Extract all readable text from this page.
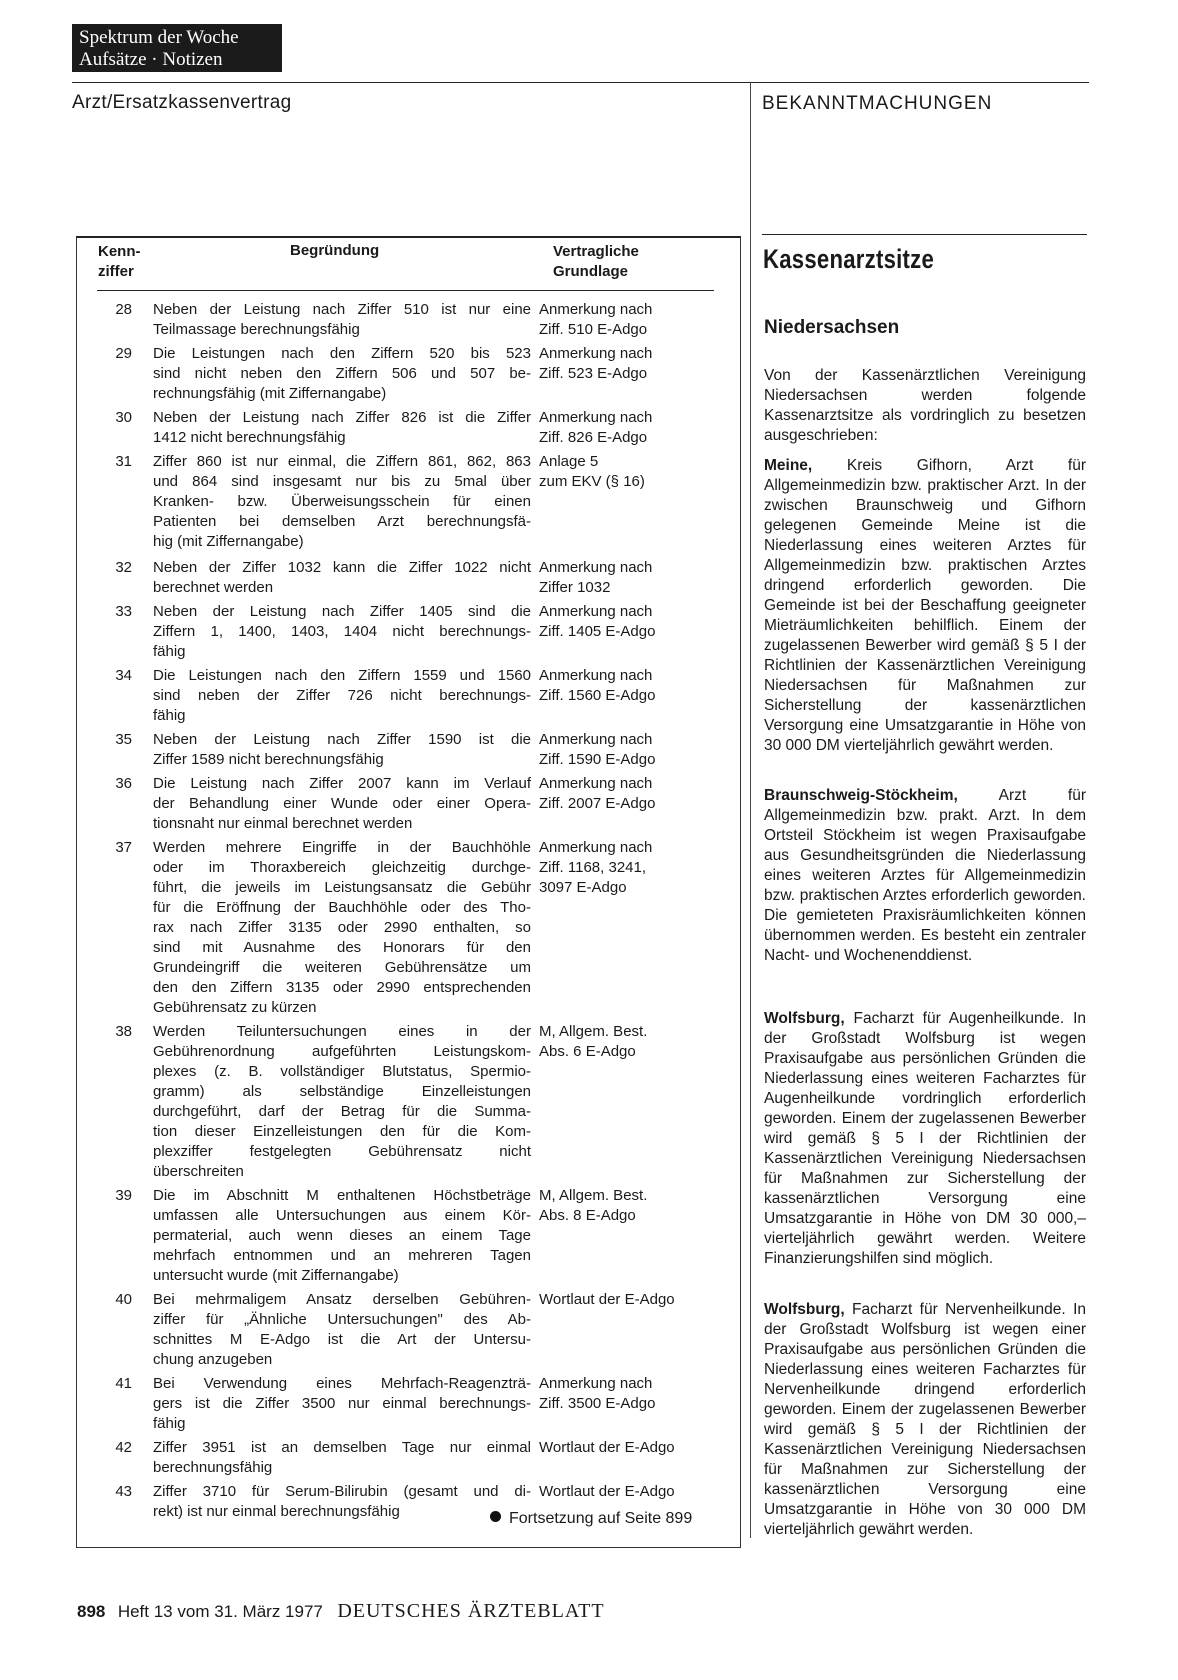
Spektrum der Woche
Aufsätze · Notizen
Arzt/Ersatzkassenvertrag	BEKANNTMACHUNGEN
Kenn-
ziffer
Begründung	Vertragliche
Grundlage
28 Neben der Leistung nach Ziffer 510 ist nur eine
Teilmassage berechnungsfähig
Anmerkung nach
Ziff. 510 E-Adgo
29 Die Leistungen nach den Ziffern 520 bis 523
sind nicht neben den Ziffern 506 und 507 be-
rechnungsfähig (mit Ziffernangabe)
Anmerkung nach
Ziff. 523 E-Adgo
30 Neben der Leistung nach Ziffer 826 ist die Ziffer
1412 nicht berechnungsfähig
Anmerkung nach
Ziff. 826 E-Adgo
31 Ziffer 860 ist nur einmal, die Ziffern 861, 862, 863
und 864 sind insgesamt nur bis zu 5mal über
Kranken- bzw. Überweisungsschein für einen
Patienten bei demselben Arzt berechnungsfä-
hig (mit Ziffernangabe)
Anlage 5
zum EKV (§ 16)
32 Neben der Ziffer 1032 kann die Ziffer 1022 nicht
berechnet werden
Anmerkung nach
Ziffer 1032
33 Neben der Leistung nach Ziffer 1405 sind die
Ziffern 1, 1400, 1403, 1404 nicht berechnungs-
fähig
Anmerkung nach
Ziff. 1405 E-Adgo
34 Die Leistungen nach den Ziffern 1559 und 1560
sind neben der Ziffer 726 nicht berechnungs-
fähig
Anmerkung nach
Ziff. 1560 E-Adgo
35 Neben der Leistung nach Ziffer 1590 ist die
Ziffer 1589 nicht berechnungsfähig
Anmerkung nach
Ziff. 1590 E-Adgo
36 Die Leistung nach Ziffer 2007 kann im Verlauf
der Behandlung einer Wunde oder einer Opera-
tionsnaht nur einmal berechnet werden
Anmerkung nach
Ziff. 2007 E-Adgo
37 Werden mehrere Eingriffe in der Bauchhöhle
oder im Thoraxbereich gleichzeitig durchge-
führt, die jeweils im Leistungsansatz die Gebühr
für die Eröffnung der Bauchhöhle oder des Tho-
rax nach Ziffer 3135 oder 2990 enthalten, so
sind mit Ausnahme des Honorars für den
Grundeingriff die weiteren Gebührensätze um
den den Ziffern 3135 oder 2990 entsprechenden
Gebührensatz zu kürzen
Anmerkung nach
Ziff. 1168, 3241,
3097 E-Adgo
38 Werden Teiluntersuchungen eines in der
Gebührenordnung aufgeführten Leistungskom-
plexes (z. B. vollständiger Blutstatus, Spermio-
gramm) als selbständige Einzelleistungen
durchgeführt, darf der Betrag für die Summa-
tion dieser Einzelleistungen den für die Kom-
plexziffer festgelegten Gebührensatz nicht
überschreiten
M, Allgem. Best.
Abs. 6 E-Adgo
39 Die im Abschnitt M enthaltenen Höchstbeträge
umfassen alle Untersuchungen aus einem Kör-
permaterial, auch wenn dieses an einem Tage
mehrfach entnommen und an mehreren Tagen
untersucht wurde (mit Ziffernangabe)
M, Allgem. Best.
Abs. 8 E-Adgo
40 Bei mehrmaligem Ansatz derselben Gebühren-
ziffer für „Ähnliche Untersuchungen" des Ab-
schnittes M E-Adgo ist die Art der Untersu-
chung anzugeben
Wortlaut der E-Adgo
41 Bei Verwendung eines Mehrfach-Reagenzträ-
gers ist die Ziffer 3500 nur einmal berechnungs-
fähig
Anmerkung nach
Ziff. 3500 E-Adgo
42 Ziffer 3951 ist an demselben Tage nur einmal
berechnungsfähig
Wortlaut der E-Adgo
43 Ziffer 3710 für Serum-Bilirubin (gesamt und di-
rekt) ist nur einmal berechnungsfähig
Wortlaut der E-Adgo
Fortsetzung auf Seite 899
Kassenarztsitze
Niedersachsen
Von der Kassenärztlichen Vereinigung Niedersachsen werden folgende Kassenarztsitze als vordringlich zu besetzen ausgeschrieben:
Meine, Kreis Gifhorn, Arzt für Allgemeinmedizin bzw. praktischer Arzt. In der zwischen Braunschweig und Gifhorn gelegenen Gemeinde Meine ist die Niederlassung eines weiteren Arztes für Allgemeinmedizin bzw. praktischen Arztes dringend erforderlich geworden. Die Gemeinde ist bei der Beschaffung geeigneter Mieträumlichkeiten behilflich. Einem der zugelassenen Bewerber wird gemäß § 5 I der Richtlinien der Kassenärztlichen Vereinigung Niedersachsen für Maßnahmen zur Sicherstellung der kassenärztlichen Versorgung eine Umsatzgarantie in Höhe von 30 000 DM vierteljährlich gewährt werden.
Braunschweig-Stöckheim, Arzt für Allgemeinmedizin bzw. prakt. Arzt. In dem Ortsteil Stöckheim ist wegen Praxisaufgabe aus Gesundheitsgründen die Niederlassung eines weiteren Arztes für Allgemeinmedizin bzw. praktischen Arztes erforderlich geworden. Die gemieteten Praxisräumlichkeiten können übernommen werden. Es besteht ein zentraler Nacht- und Wochenenddienst.
Wolfsburg, Facharzt für Augenheilkunde. In der Großstadt Wolfsburg ist wegen Praxisaufgabe aus persönlichen Gründen die Niederlassung eines weiteren Facharztes für Augenheilkunde vordringlich erforderlich geworden. Einem der zugelassenen Bewerber wird gemäß § 5 I der Richtlinien der Kassenärztlichen Vereinigung Niedersachsen für Maßnahmen zur Sicherstellung der kassenärztlichen Versorgung eine Umsatzgarantie in Höhe von DM 30 000,– vierteljährlich gewährt werden. Weitere Finanzierungshilfen sind möglich.
Wolfsburg, Facharzt für Nervenheilkunde. In der Großstadt Wolfsburg ist wegen einer Praxisaufgabe aus persönlichen Gründen die Niederlassung eines weiteren Facharztes für Nervenheilkunde dringend erforderlich geworden. Einem der zugelassenen Bewerber wird gemäß § 5 I der Richtlinien der Kassenärztlichen Vereinigung Niedersachsen für Maßnahmen zur Sicherstellung der kassenärztlichen Versorgung eine Umsatzgarantie in Höhe von 30 000 DM vierteljährlich gewährt werden.
898 Heft 13 vom 31. März 1977 DEUTSCHES ÄRZTEBLATT
